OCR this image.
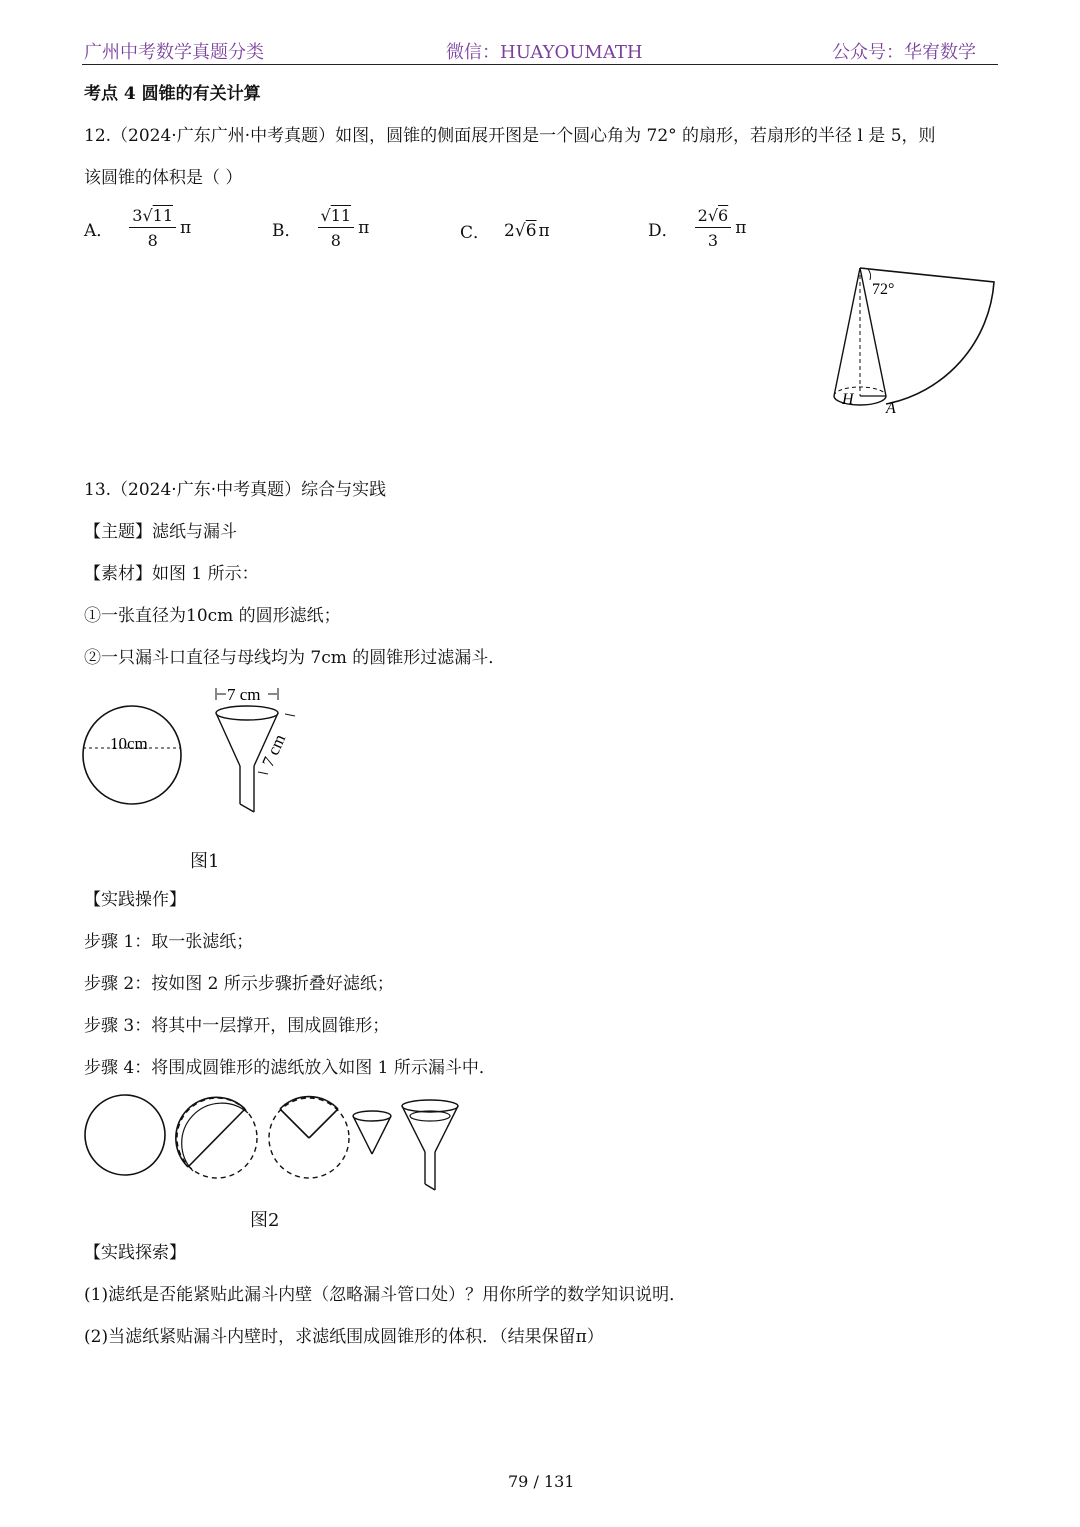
广州中考数学真题分类	微信：HUAYOUMATH	公众号：华宥数学
考点 4 圆锥的有关计算
12.（2024·广东广州·中考真题）如图，圆锥的侧面展开图是一个圆心角为 72° 的扇形，若扇形的半径 l 是 5，则
该圆锥的体积是（ ）
A． $\frac{3√11}{8}$ π	B． $\frac{√11}{8}$ π	C． 2√6 π	D． $\frac{2√6}{3}$ π
72°
H
A
13.（2024·广东·中考真题）综合与实践
【主题】滤纸与漏斗
【素材】如图 1 所示：
①一张直径为10cm 的圆形滤纸；
②一只漏斗口直径与母线均为 7cm 的圆锥形过滤漏斗．
10cm
7 cm
7 cm
图1
【实践操作】
步骤 1：取一张滤纸；
步骤 2：按如图 2 所示步骤折叠好滤纸；
步骤 3：将其中一层撑开，围成圆锥形；
步骤 4：将围成圆锥形的滤纸放入如图 1 所示漏斗中．
图2
【实践探索】
(1)滤纸是否能紧贴此漏斗内壁（忽略漏斗管口处）？用你所学的数学知识说明．
(2)当滤纸紧贴漏斗内壁时，求滤纸围成圆锥形的体积．（结果保留π）
79 / 131
